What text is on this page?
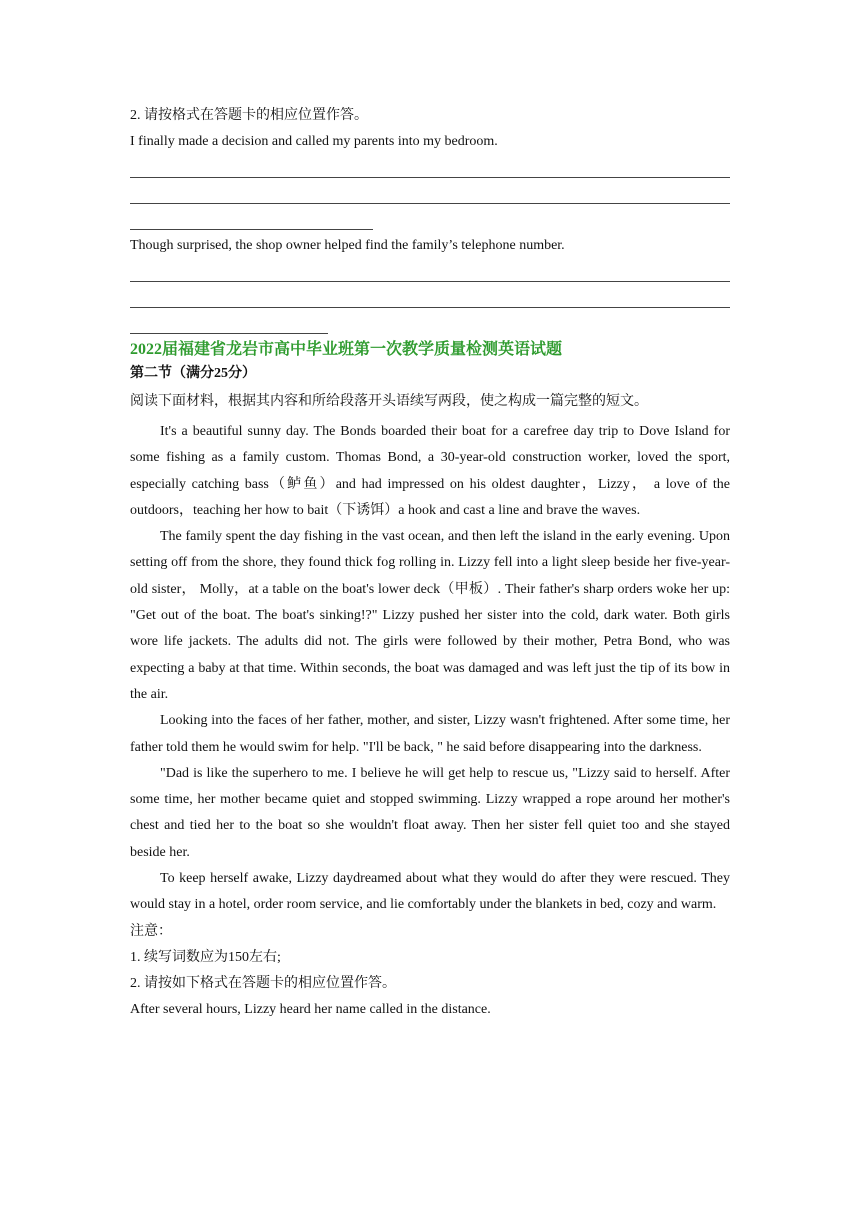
2. 请按格式在答题卡的相应位置作答。

I finally made a decision and called my parents into my bedroom.

Though surprised, the shop owner helped find the family’s telephone number.

2022届福建省龙岩市高中毕业班第一次教学质量检测英语试题

第二节（满分25分）

阅读下面材料，根据其内容和所给段落开头语续写两段，使之构成一篇完整的短文。

It's a beautiful sunny day. The Bonds boarded their boat for a carefree day trip to Dove Island for some fishing as a family custom. Thomas Bond, a 30-year-old construction worker, loved the sport, especially catching bass（鲈鱼）and had impressed on his oldest daughter，Lizzy， a love of the outdoors，teaching her how to bait（下诱饵）a hook and cast a line and brave the waves.

The family spent the day fishing in the vast ocean, and then left the island in the early evening. Upon setting off from the shore, they found thick fog rolling in. Lizzy fell into a light sleep beside her five-year-old sister， Molly，at a table on the boat's lower deck（甲板）. Their father's sharp orders woke her up: "Get out of the boat. The boat's sinking!?" Lizzy pushed her sister into the cold, dark water. Both girls wore life jackets. The adults did not. The girls were followed by their mother, Petra Bond, who was expecting a baby at that time. Within seconds, the boat was damaged and was left just the tip of its bow in the air.

Looking into the faces of her father, mother, and sister, Lizzy wasn't frightened. After some time, her father told them he would swim for help. "I'll be back, " he said before disappearing into the darkness.

"Dad is like the superhero to me. I believe he will get help to rescue us, "Lizzy said to herself. After some time, her mother became quiet and stopped swimming. Lizzy wrapped a rope around her mother's chest and tied her to the boat so she wouldn't float away. Then her sister fell quiet too and she stayed beside her.

To keep herself awake, Lizzy daydreamed about what they would do after they were rescued. They would stay in a hotel, order room service, and lie comfortably under the blankets in bed, cozy and warm.

注意：

1. 续写词数应为150左右;

2. 请按如下格式在答题卡的相应位置作答。

After several hours, Lizzy heard her name called in the distance.
